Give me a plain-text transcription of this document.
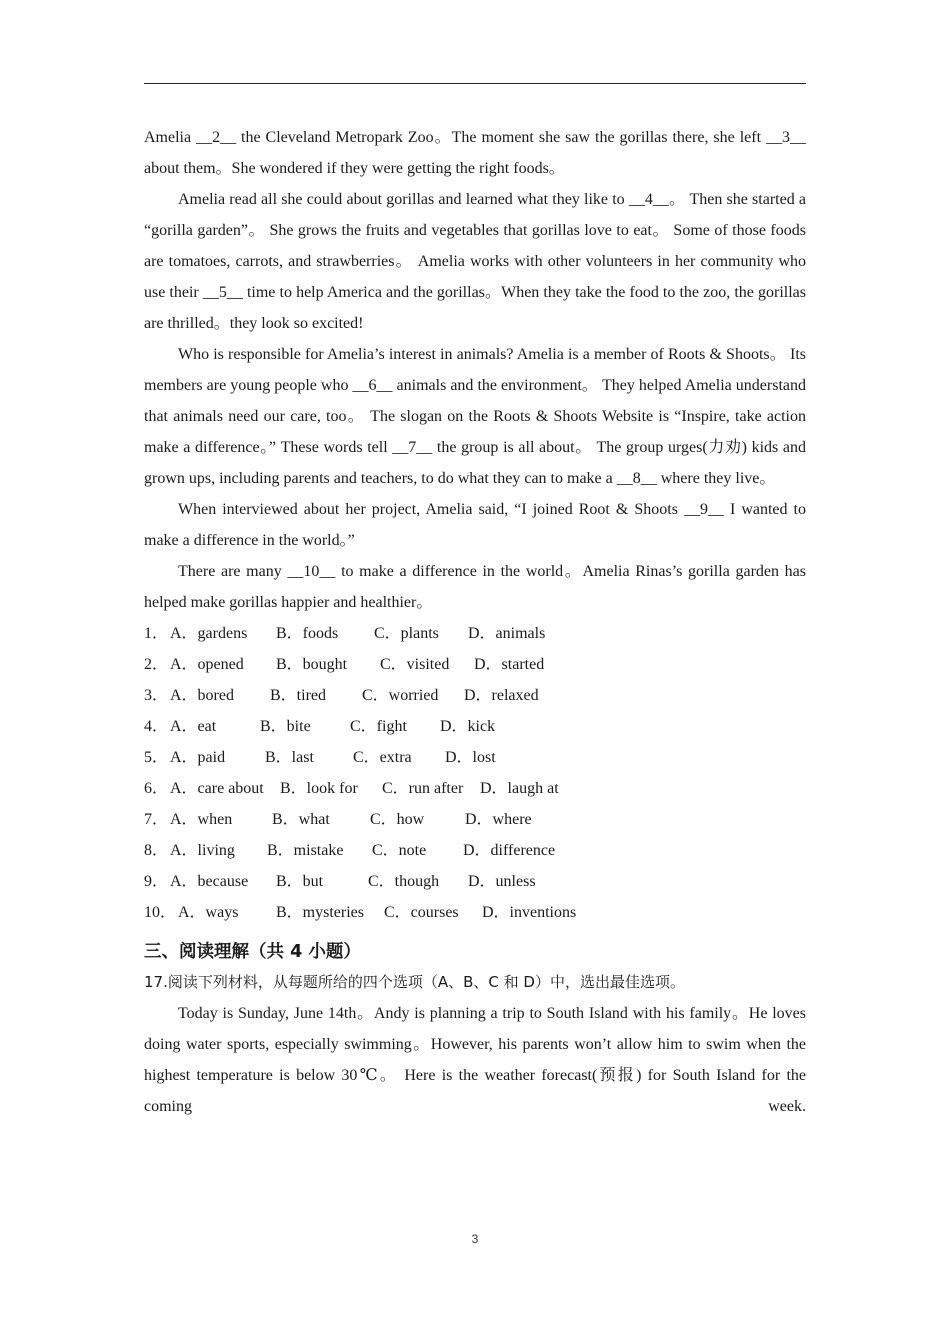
Amelia __2__ the Cleveland Metropark Zoo。The moment she saw the gorillas there, she left __3__ about them。She wondered if they were getting the right foods。

Amelia read all she could about gorillas and learned what they like to __4__。 Then she started a “gorilla garden”。 She grows the fruits and vegetables that gorillas love to eat。 Some of those foods are tomatoes, carrots, and strawberries。 Amelia works with other volunteers in her community who use their __5__ time to help America and the gorillas。When they take the food to the zoo, the gorillas are thrilled。they look so excited!

Who is responsible for Amelia’s interest in animals? Amelia is a member of Roots & Shoots。 Its members are young people who __6__ animals and the environment。 They helped Amelia understand that animals need our care, too。 The slogan on the Roots & Shoots Website is “Inspire, take action make a difference。” These words tell __7__ the group is all about。 The group urges(力劝) kids and grown ups, including parents and teachers, to do what they can to make a __8__ where they live。

When interviewed about her project, Amelia said, “I joined Root & Shoots __9__ I wanted to make a difference in the world。”

There are many __10__ to make a difference in the world。Amelia Rinas’s gorilla garden has helped make gorillas happier and healthier。

1． A．gardens	B．foods	C．plants	D．animals
2． A．opened	B．bought	C．visited	D．started
3． A．bored	B．tired	C．worried	D．relaxed
4． A．eat	B．bite	C．fight	D．kick
5． A．paid	B．last	C．extra	D．lost
6． A．care about	B．look for	C．run after	D．laugh at
7． A．when	B．what	C．how	D．where
8． A．living	B．mistake	C．note	D．difference
9． A．because	B．but	C．though	D．unless
10． A．ways	B．mysteries	C．courses	D．inventions

三、阅读理解（共 4 小题）

17.阅读下列材料，从每题所给的四个选项（A、B、C 和 D）中，选出最佳选项。

Today is Sunday, June 14th。Andy is planning a trip to South Island with his family。He loves doing water sports, especially swimming。However, his parents won’t allow him to swim when the highest temperature is below 30℃。 Here is the weather forecast(预报) for South Island for the coming week.

3
